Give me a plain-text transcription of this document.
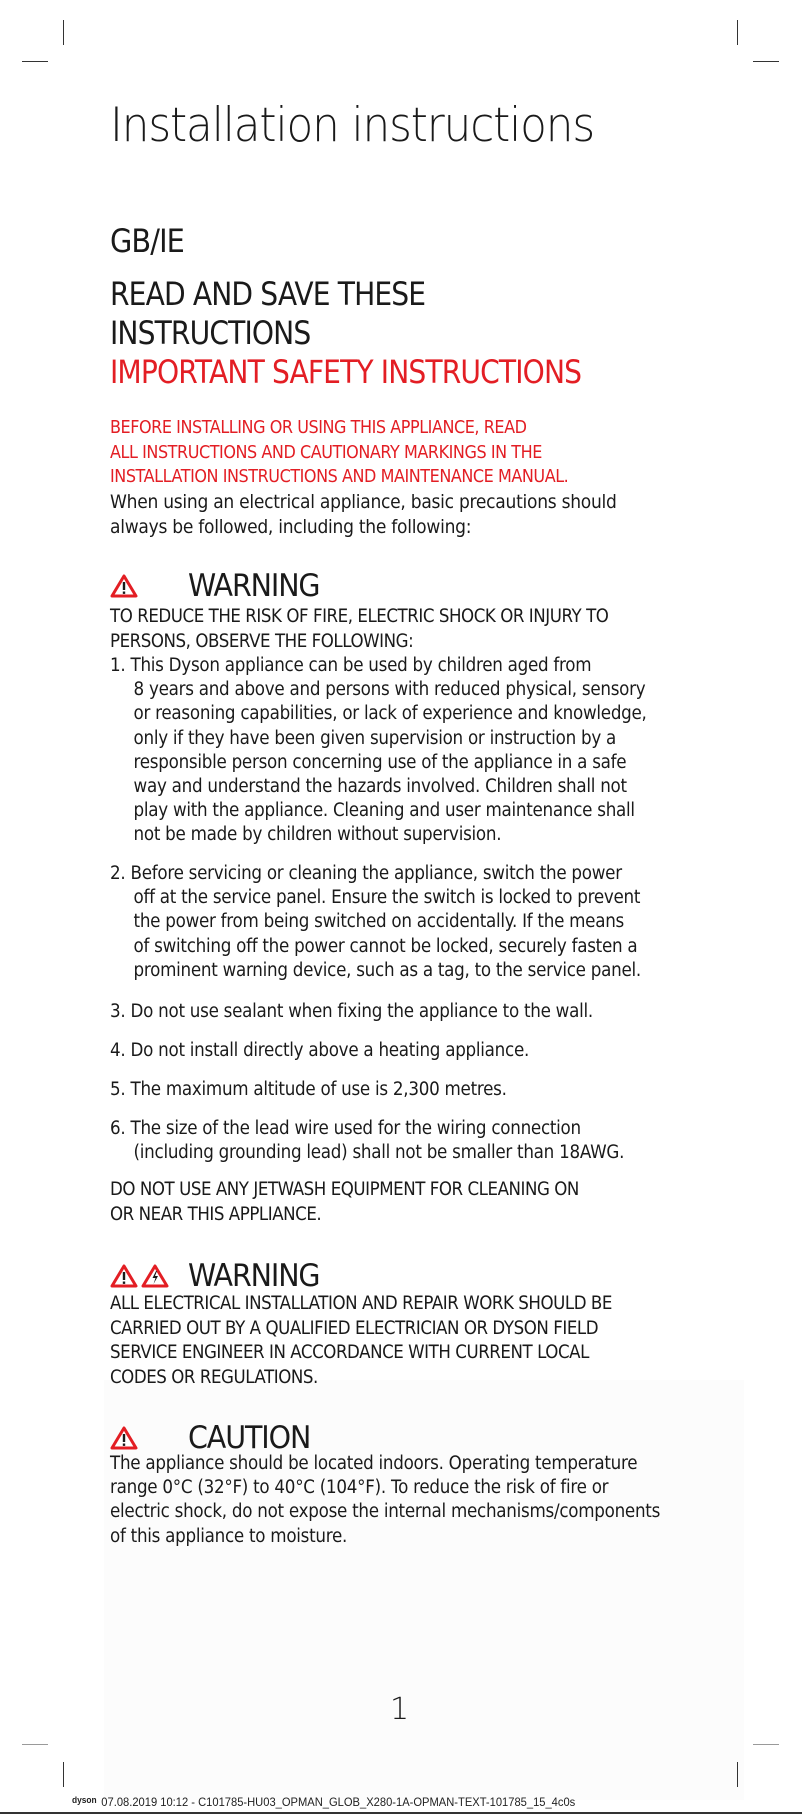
Installation instructions
GB/IE
READ AND SAVE THESE
INSTRUCTIONS
IMPORTANT SAFETY INSTRUCTIONS
BEFORE INSTALLING OR USING THIS APPLIANCE, READ
ALL INSTRUCTIONS AND CAUTIONARY MARKINGS IN THE
INSTALLATION INSTRUCTIONS AND MAINTENANCE MANUAL.
When using an electrical appliance, basic precautions should
always be followed, including the following:
WARNING
TO REDUCE THE RISK OF FIRE, ELECTRIC SHOCK OR INJURY TO
PERSONS, OBSERVE THE FOLLOWING:
1. This Dyson appliance can be used by children aged from
8 years and above and persons with reduced physical, sensory
or reasoning capabilities, or lack of experience and knowledge,
only if they have been given supervision or instruction by a
responsible person concerning use of the appliance in a safe
way and understand the hazards involved. Children shall not
play with the appliance. Cleaning and user maintenance shall
not be made by children without supervision.
2. Before servicing or cleaning the appliance, switch the power
off at the service panel. Ensure the switch is locked to prevent
the power from being switched on accidentally. If the means
of switching off the power cannot be locked, securely fasten a
prominent warning device, such as a tag, to the service panel.
3. Do not use sealant when fixing the appliance to the wall.
4. Do not install directly above a heating appliance.
5. The maximum altitude of use is 2,300 metres.
6. The size of the lead wire used for the wiring connection
(including grounding lead) shall not be smaller than 18AWG.
DO NOT USE ANY JETWASH EQUIPMENT FOR CLEANING ON
OR NEAR THIS APPLIANCE.
WARNING
ALL ELECTRICAL INSTALLATION AND REPAIR WORK SHOULD BE
CARRIED OUT BY A QUALIFIED ELECTRICIAN OR DYSON FIELD
SERVICE ENGINEER IN ACCORDANCE WITH CURRENT LOCAL
CODES OR REGULATIONS.
CAUTION
The appliance should be located indoors. Operating temperature
range 0°C (32°F) to 40°C (104°F). To reduce the risk of fire or
electric shock, do not expose the internal mechanisms/components
of this appliance to moisture.
1
$^{dyson}$ 07.08.2019 10:12 - C101785-HU03_OPMAN_GLOB_X280-1A-OPMAN-TEXT-101785_15_4c0s
